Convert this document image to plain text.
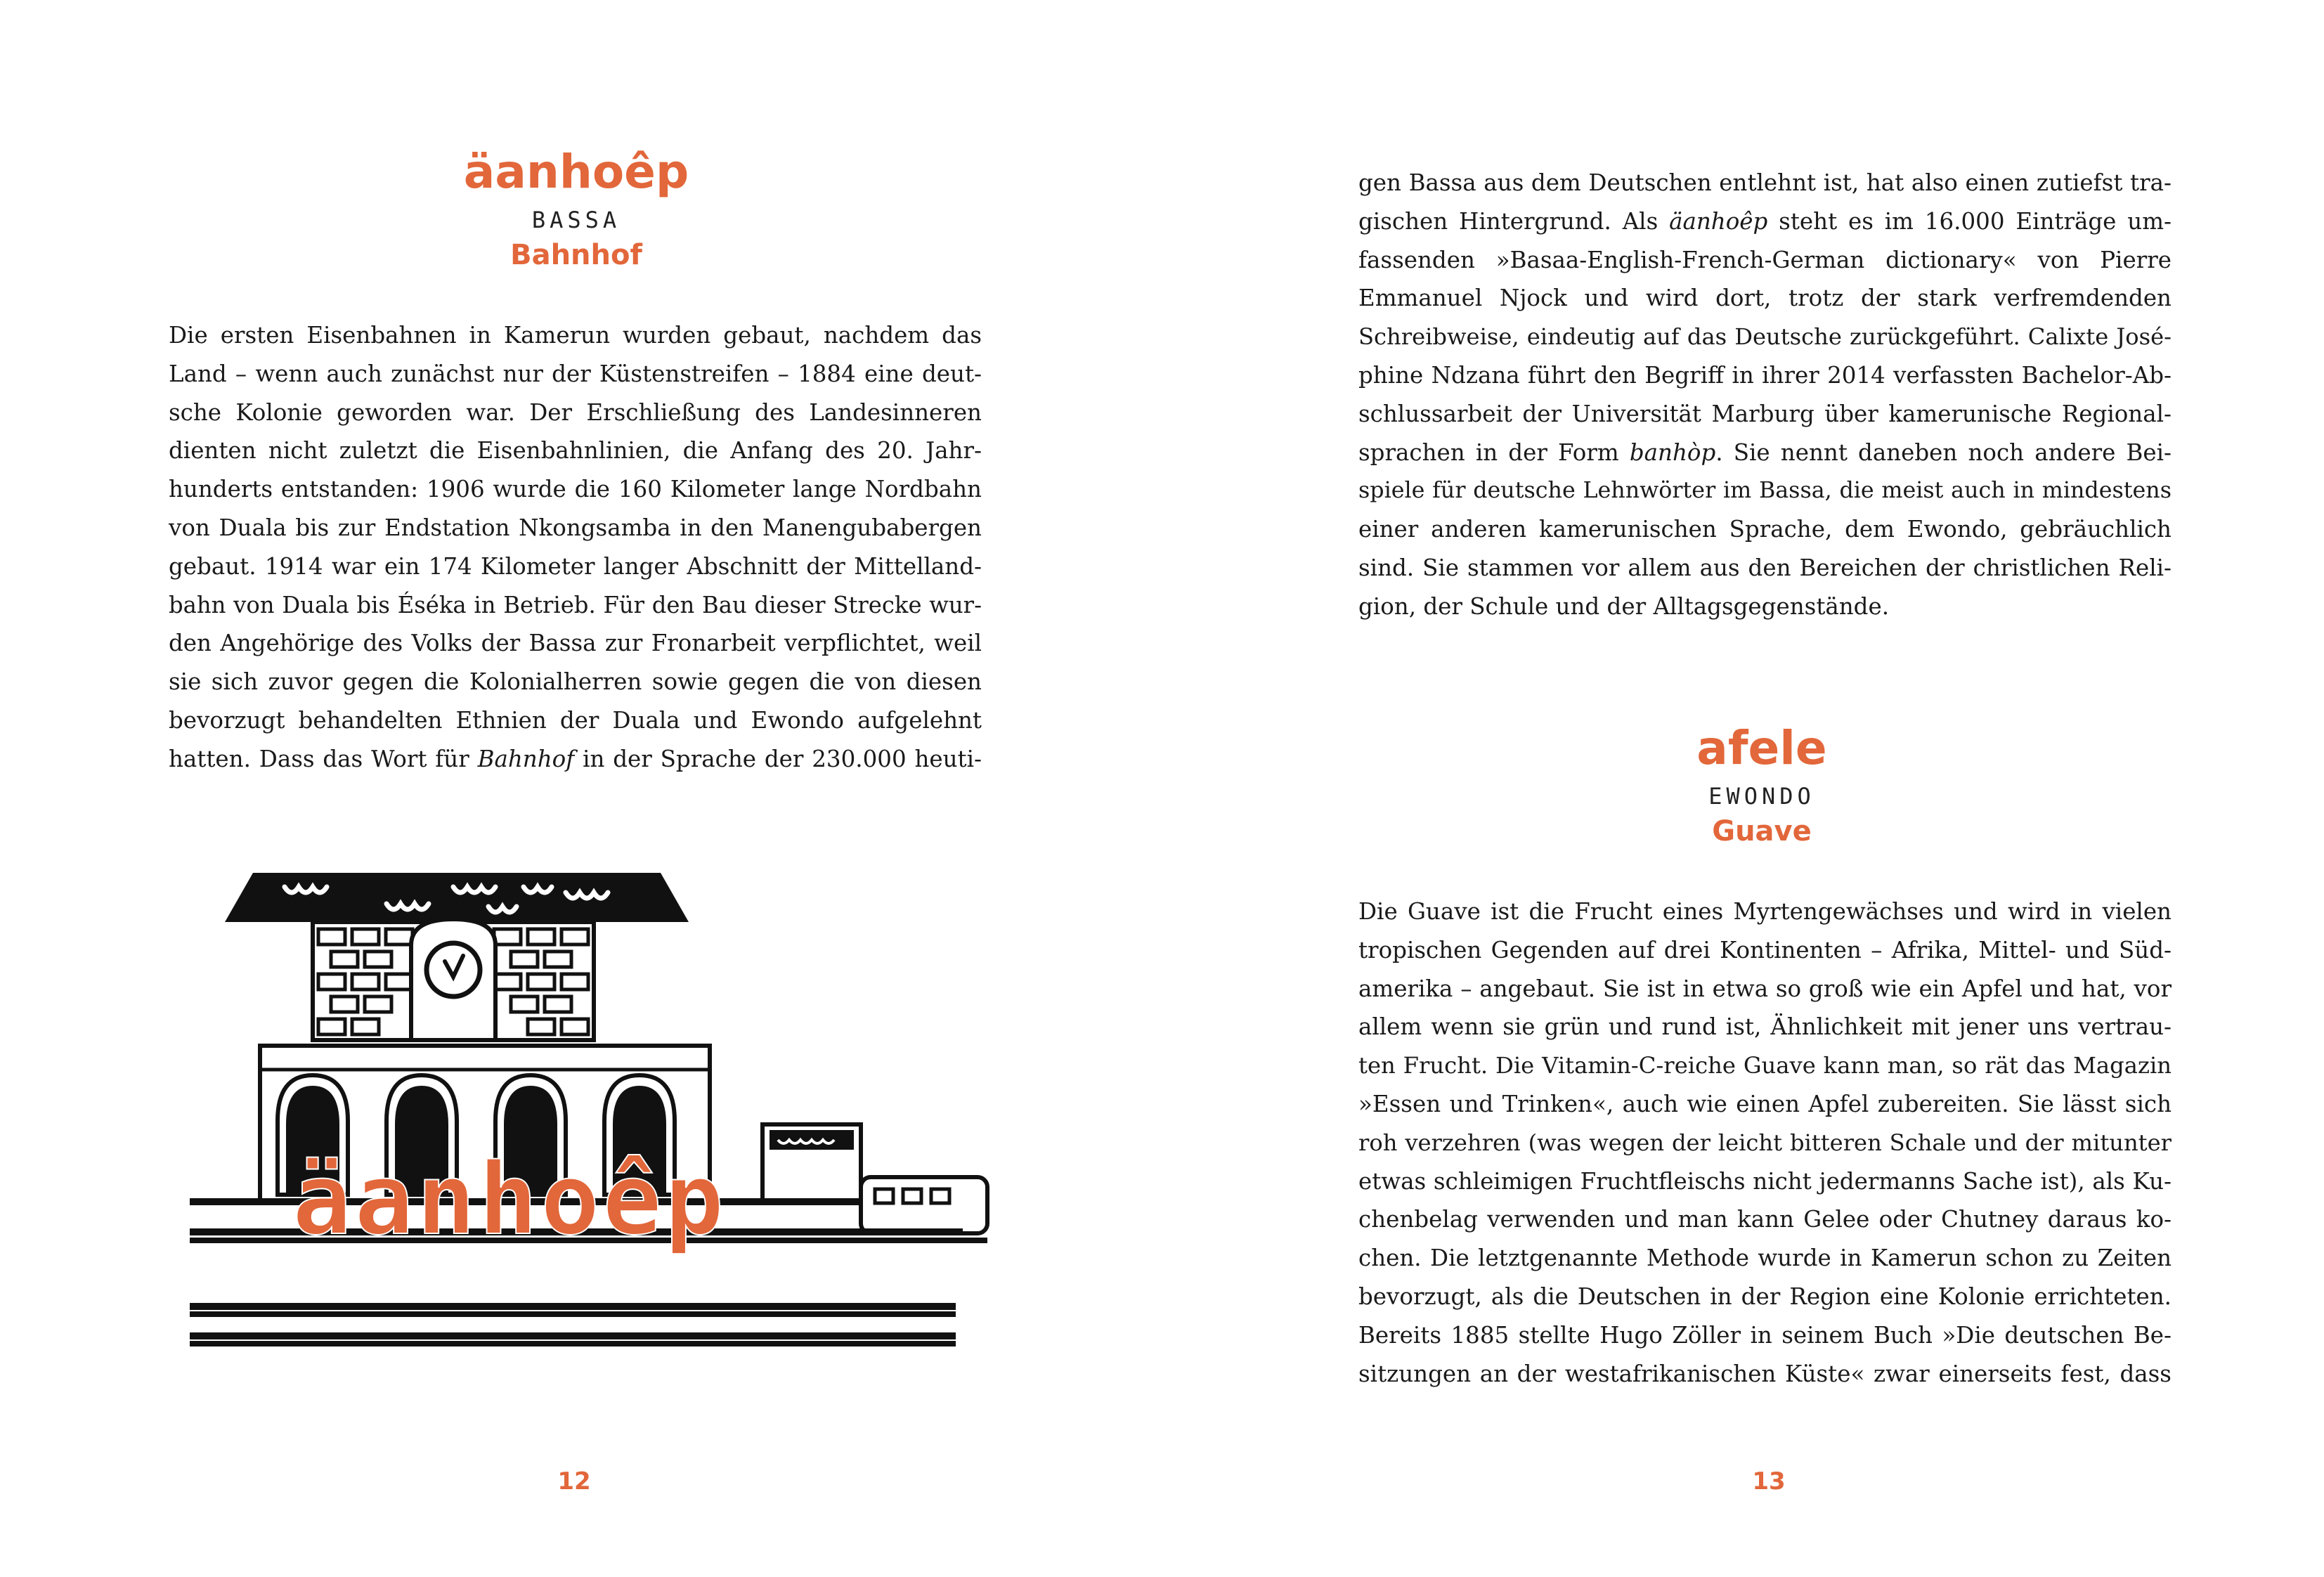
äanhoêp
BASSA
Bahnhof
Die ersten Eisenbahnen in Kamerun wurden gebaut, nachdem das
Land – wenn auch zunächst nur der Küstenstreifen – 1884 eine deut-
sche Kolonie geworden war. Der Erschließung des Landesinneren
dienten nicht zuletzt die Eisenbahnlinien, die Anfang des 20. Jahr-
hunderts entstanden: 1906 wurde die 160 Kilometer lange Nordbahn
von Duala bis zur Endstation Nkongsamba in den Manengubabergen
gebaut. 1914 war ein 174 Kilometer langer Abschnitt der Mittelland-
bahn von Duala bis Éséka in Betrieb. Für den Bau dieser Strecke wur-
den Angehörige des Volks der Bassa zur Fronarbeit verpflichtet, weil
sie sich zuvor gegen die Kolonialherren sowie gegen die von diesen
bevorzugt behandelten Ethnien der Duala und Ewondo aufgelehnt
hatten. Dass das Wort für Bahnhof in der Sprache der 230.000 heuti-
äanhoêp
12
gen Bassa aus dem Deutschen entlehnt ist, hat also einen zutiefst tra-
gischen Hintergrund. Als äanhoêp steht es im 16.000 Einträge um-
fassenden »Basaa-English-French-German dictionary« von Pierre
Emmanuel Njock und wird dort, trotz der stark verfremdenden
Schreibweise, eindeutig auf das Deutsche zurückgeführt. Calixte José-
phine Ndzana führt den Begriff in ihrer 2014 verfassten Bachelor-Ab-
schlussarbeit der Universität Marburg über kamerunische Regional-
sprachen in der Form banhòp. Sie nennt daneben noch andere Bei-
spiele für deutsche Lehnwörter im Bassa, die meist auch in mindestens
einer anderen kamerunischen Sprache, dem Ewondo, gebräuchlich
sind. Sie stammen vor allem aus den Bereichen der christlichen Reli-
gion, der Schule und der Alltagsgegenstände.
afele
EWONDO
Guave
Die Guave ist die Frucht eines Myrtengewächses und wird in vielen
tropischen Gegenden auf drei Kontinenten – Afrika, Mittel- und Süd-
amerika – angebaut. Sie ist in etwa so groß wie ein Apfel und hat, vor
allem wenn sie grün und rund ist, Ähnlichkeit mit jener uns vertrau-
ten Frucht. Die Vitamin-C-reiche Guave kann man, so rät das Magazin
»Essen und Trinken«, auch wie einen Apfel zubereiten. Sie lässt sich
roh verzehren (was wegen der leicht bitteren Schale und der mitunter
etwas schleimigen Fruchtfleischs nicht jedermanns Sache ist), als Ku-
chenbelag verwenden und man kann Gelee oder Chutney daraus ko-
chen. Die letztgenannte Methode wurde in Kamerun schon zu Zeiten
bevorzugt, als die Deutschen in der Region eine Kolonie errichteten.
Bereits 1885 stellte Hugo Zöller in seinem Buch »Die deutschen Be-
sitzungen an der westafrikanischen Küste« zwar einerseits fest, dass
13
